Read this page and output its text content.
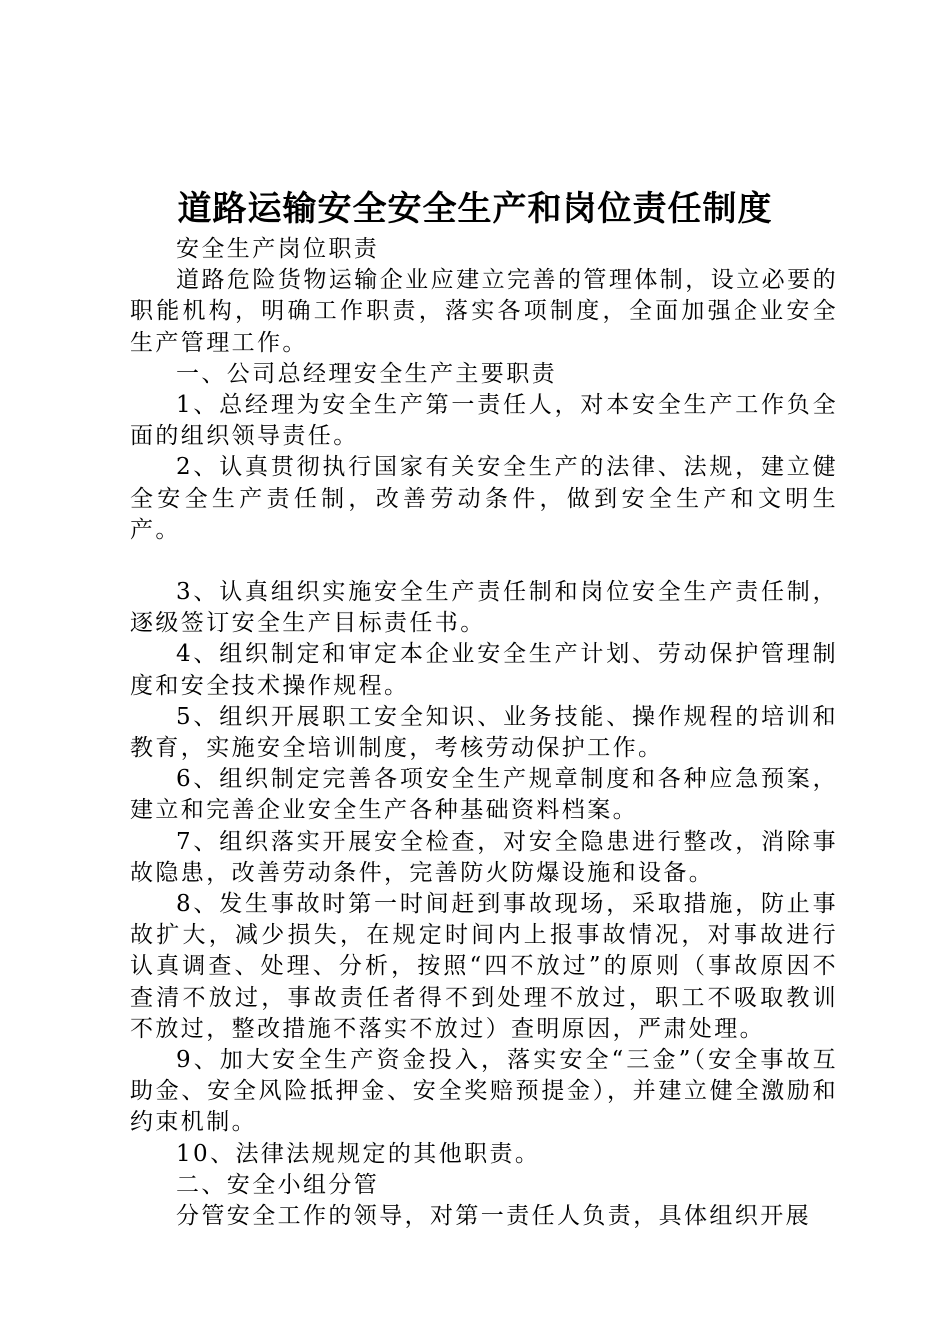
道路运输安全安全生产和岗位责任制度

安全生产岗位职责

道路危险货物运输企业应建立完善的管理体制，设立必要的职能机构，明确工作职责，落实各项制度，全面加强企业安全生产管理工作。

一、公司总经理安全生产主要职责

1、总经理为安全生产第一责任人，对本安全生产工作负全面的组织领导责任。

2、认真贯彻执行国家有关安全生产的法律、法规，建立健全安全生产责任制，改善劳动条件，做到安全生产和文明生产。

3、认真组织实施安全生产责任制和岗位安全生产责任制，逐级签订安全生产目标责任书。

4、组织制定和审定本企业安全生产计划、劳动保护管理制度和安全技术操作规程。

5、组织开展职工安全知识、业务技能、操作规程的培训和教育，实施安全培训制度，考核劳动保护工作。

6、组织制定完善各项安全生产规章制度和各种应急预案，建立和完善企业安全生产各种基础资料档案。

7、组织落实开展安全检查，对安全隐患进行整改，消除事故隐患，改善劳动条件，完善防火防爆设施和设备。

8、发生事故时第一时间赶到事故现场，采取措施，防止事故扩大，减少损失，在规定时间内上报事故情况，对事故进行认真调查、处理、分析，按照“四不放过”的原则（事故原因不查清不放过，事故责任者得不到处理不放过，职工不吸取教训不放过，整改措施不落实不放过）查明原因，严肃处理。

9、加大安全生产资金投入，落实安全“三金”（安全事故互助金、安全风险抵押金、安全奖赔预提金），并建立健全激励和约束机制。

10、法律法规规定的其他职责。

二、安全小组分管

分管安全工作的领导，对第一责任人负责，具体组织开展
